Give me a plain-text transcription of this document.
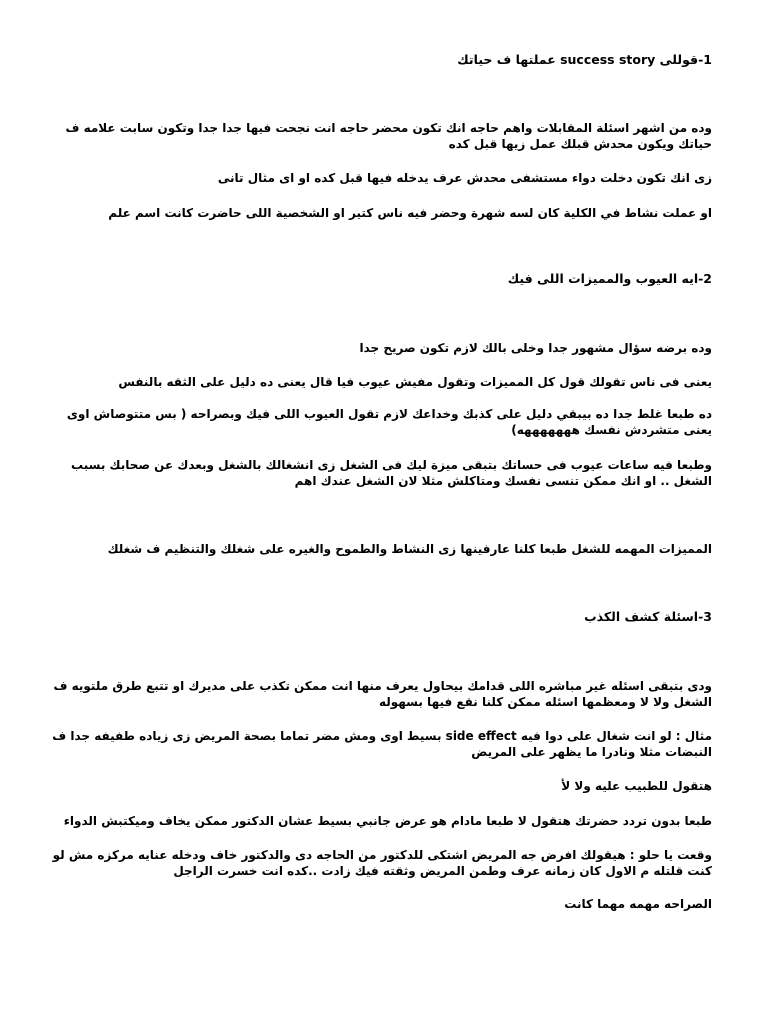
1-قوللى success story عملتها ف حياتك
وده من اشهر اسئلة المقابلات واهم حاجه انك تكون محضر حاجه انت نجحت فيها جدا جدا وتكون سابت علامه ف حياتك ويكون محدش قبلك عمل زيها قبل كده
زى انك تكون دخلت دواء مستشفى محدش عرف يدخله فيها قبل كده او اى مثال تانى
او عملت نشاط في الكلية كان لسه شهرة وحضر فيه ناس كتير او الشخصية اللى حاضرت كانت اسم علم
2-ايه العيوب والمميزات اللى فيك
وده برضه سؤال مشهور جدا وخلى بالك لازم تكون صريح جدا
يعنى فى ناس تقولك قول كل المميزات وتقول مفيش عيوب فيا قال يعنى ده دليل على الثقه بالنفس
ده طبعا غلط جدا ده بيبقي دليل على كذبك وخداعك لازم تقول العيوب اللى فيك وبصراحه ( بس متتوصاش اوى يعنى متشردش نفسك هههههههه)
وطبعا فيه ساعات عيوب فى حساتك بتبقى ميزة ليك فى الشغل زى انشغالك بالشغل وبعدك عن صحابك بسبب الشغل .. او انك ممكن تنسى نفسك ومتاكلش مثلا لان الشغل عندك اهم
المميزات المهمه للشغل طبعا كلنا عارفينها زى النشاط والطموح والغيره على شغلك والتنظيم ف شغلك
3-اسئلة كشف الكذب
ودى بتبقى اسئله غير مباشره اللى قدامك بيحاول يعرف منها انت ممكن تكذب على مديرك او تتبع طرق ملتويه ف الشغل ولا لا ومعظمها اسئله ممكن كلنا نقع فيها بسهوله
مثال : لو انت شغال على دوا فيه side effect بسيط اوى ومش مضر تماما بصحة المريض زى زياده طفيفه جدا ف النبضات مثلا ونادرا ما يظهر على المريض
هتقول للطبيب عليه ولا لأ
طبعا بدون تردد حضرتك هتقول لا طبعا مادام هو عرض جانبي بسيط عشان الدكتور ممكن يخاف وميكتبش الدواء
وقعت يا حلو : هيقولك افرض جه المريض اشتكى للدكتور من الحاجه دى والدكتور خاف ودخله عنايه مركزه مش لو كنت قلتله م الاول كان زمانه عرف وطمن المريض وثقته فيك زادت ..كده انت خسرت الراجل
الصراحه مهمه مهما كانت
